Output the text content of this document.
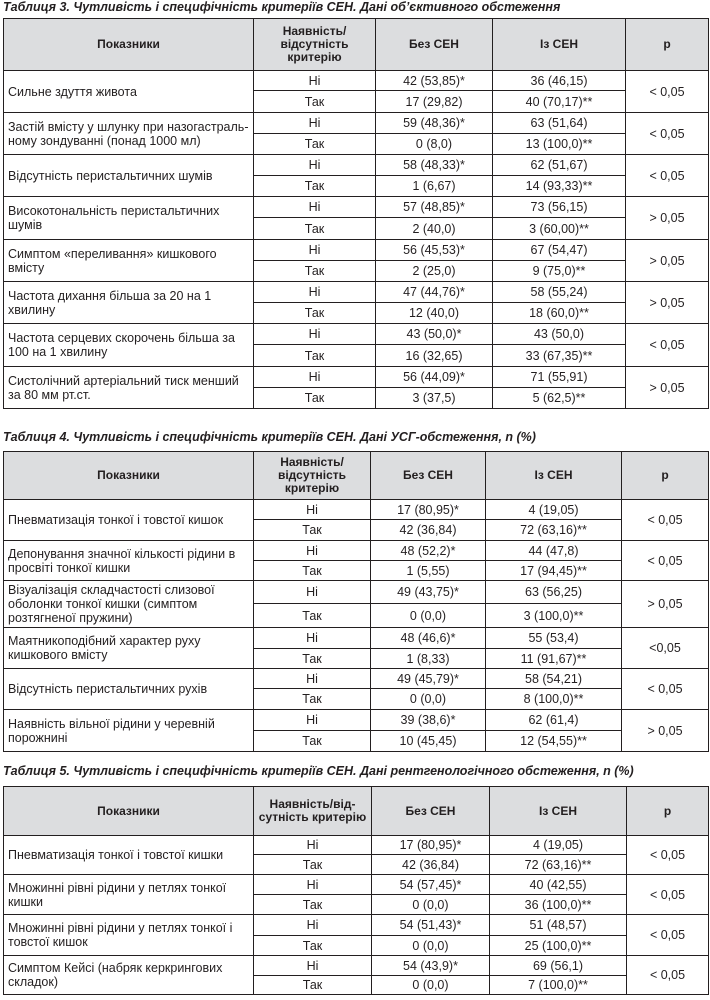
Таблиця 3. Чутливість і специфічність критеріїв СЕН. Дані об’єктивного обстеження
Показники	Наявність/ відсутність критерію	Без СЕН	Із СЕН	p
Сильне здуття живота	Ні	42 (53,85)*	36 (46,15)	< 0,05
	Так	17 (29,82)	40 (70,17)**	
Застій вмісту у шлунку при назогастральному зондуванні (понад 1000 мл)	Ні	59 (48,36)*	63 (51,64)	< 0,05
	Так	0 (8,0)	13 (100,0)**	
Відсутність перистальтичних шумів	Ні	58 (48,33)*	62 (51,67)	< 0,05
	Так	1 (6,67)	14 (93,33)**	
Високотональність перистальтичних шумів	Ні	57 (48,85)*	73 (56,15)	> 0,05
	Так	2 (40,0)	3 (60,00)**	
Симптом «переливання» кишкового вмісту	Ні	56 (45,53)*	67 (54,47)	> 0,05
	Так	2 (25,0)	9 (75,0)**	
Частота дихання більша за 20 на 1 хвилину	Ні	47 (44,76)*	58 (55,24)	> 0,05
	Так	12 (40,0)	18 (60,0)**	
Частота серцевих скорочень більша за 100 на 1 хвилину	Ні	43 (50,0)*	43 (50,0)	< 0,05
	Так	16 (32,65)	33 (67,35)**	
Систолічний артеріальний тиск менший за 80 мм рт.ст.	Ні	56 (44,09)*	71 (55,91)	> 0,05
	Так	3 (37,5)	5 (62,5)**	
Таблиця 4. Чутливість і специфічність критеріїв СЕН. Дані УСГ-обстеження, n (%)
Показники	Наявність/ відсутність критерію	Без СЕН	Із СЕН	p
Пневматизація тонкої і товстої кишок	Ні	17 (80,95)*	4 (19,05)	< 0,05
	Так	42 (36,84)	72 (63,16)**	
Депонування значної кількості рідини в просвіті тонкої кишки	Ні	48 (52,2)*	44 (47,8)	< 0,05
	Так	1 (5,55)	17 (94,45)**	
Візуалізація складчастості слизової оболонки тонкої кишки (симптом розтягненої пружини)	Ні	49 (43,75)*	63 (56,25)	> 0,05
	Так	0 (0,0)	3 (100,0)**	
Маятникоподібний характер руху кишкового вмісту	Ні	48 (46,6)*	55 (53,4)	<0,05
	Так	1 (8,33)	11 (91,67)**	
Відсутність перистальтичних рухів	Ні	49 (45,79)*	58 (54,21)	< 0,05
	Так	0 (0,0)	8 (100,0)**	
Наявність вільної рідини у черевній порожнині	Ні	39 (38,6)*	62 (61,4)	> 0,05
	Так	10 (45,45)	12 (54,55)**	
Таблиця 5. Чутливість і специфічність критеріїв СЕН. Дані рентгенологічного обстеження, n (%)
Показники	Наявність/відсутність критерію	Без СЕН	Із СЕН	p
Пневматизація тонкої і товстої кишки	Ні	17 (80,95)*	4 (19,05)	< 0,05
	Так	42 (36,84)	72 (63,16)**	
Множинні рівні рідини у петлях тонкої кишки	Ні	54 (57,45)*	40 (42,55)	< 0,05
	Так	0 (0,0)	36 (100,0)**	
Множинні рівні рідини у петлях тонкої і товстої кишок	Ні	54 (51,43)*	51 (48,57)	< 0,05
	Так	0 (0,0)	25 (100,0)**	
Симптом Кейсі (набряк керкрингових складок)	Ні	54 (43,9)*	69 (56,1)	< 0,05
	Так	0 (0,0)	7 (100,0)**	
